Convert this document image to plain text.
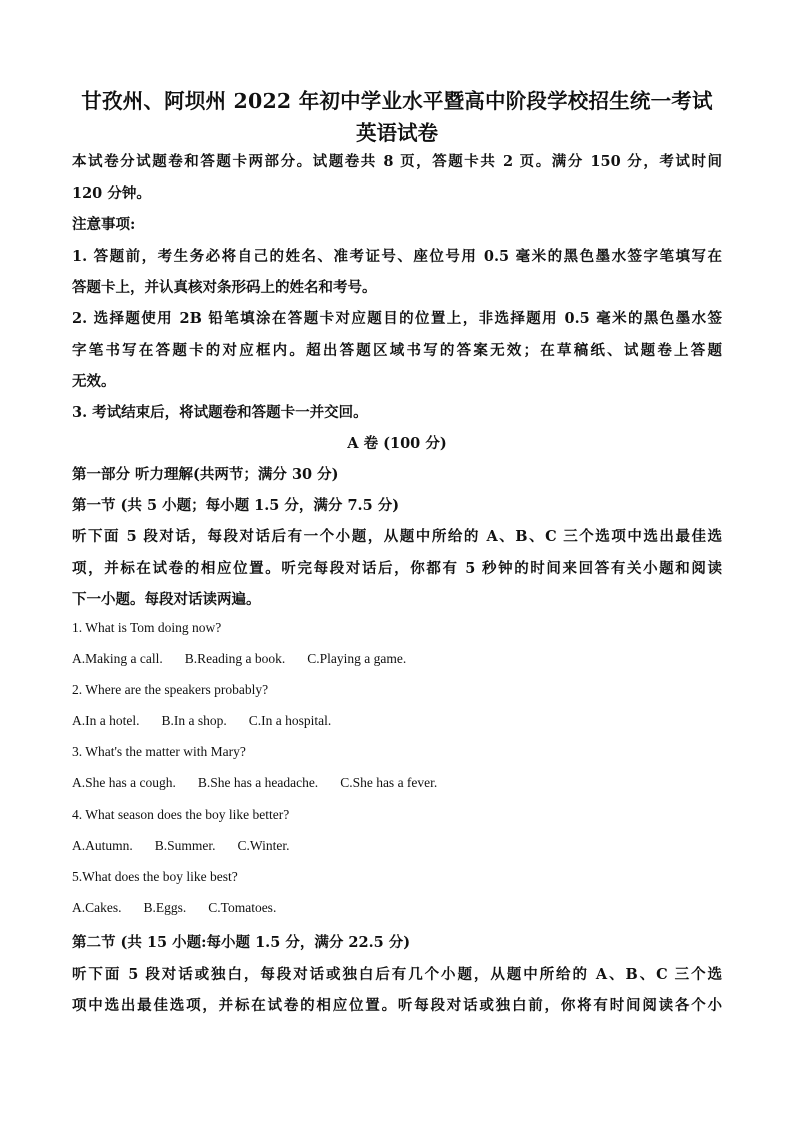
甘孜州、阿坝州 2022 年初中学业水平暨高中阶段学校招生统一考试
英语试卷
本试卷分试题卷和答题卡两部分。试题卷共 8 页，答题卡共 2 页。满分 150 分，考试时间
120 分钟。
注意事项:
1. 答题前，考生务必将自己的姓名、准考证号、座位号用 0.5 毫米的黑色墨水签字笔填写在
答题卡上，并认真核对条形码上的姓名和考号。
2. 选择题使用 2B 铅笔填涂在答题卡对应题目的位置上，非选择题用 0.5 毫米的黑色墨水签
字笔书写在答题卡的对应框内。超出答题区域书写的答案无效；在草稿纸、试题卷上答题
无效。
3. 考试结束后，将试题卷和答题卡一并交回。
A 卷 (100 分)
第一部分 听力理解(共两节；满分 30 分)
第一节 (共 5 小题；每小题 1.5 分，满分 7.5 分)
听下面 5 段对话，每段对话后有一个小题，从题中所给的 A、B、C 三个选项中选出最佳选
项，并标在试卷的相应位置。听完每段对话后，你都有 5 秒钟的时间来回答有关小题和阅读
下一小题。每段对话读两遍。
1. What is Tom doing now?
A.Making a call. B.Reading a book. C.Playing a game.
2. Where are the speakers probably?
A.In a hotel. B.In a shop. C.In a hospital.
3. What's the matter with Mary?
A.She has a cough. B.She has a headache. C.She has a fever.
4. What season does the boy like better?
A.Autumn. B.Summer. C.Winter.
5.What does the boy like best?
A.Cakes. B.Eggs. C.Tomatoes.
第二节 (共 15 小题:每小题 1.5 分，满分 22.5 分)
听下面 5 段对话或独白，每段对话或独白后有几个小题，从题中所给的 A、B、C 三个选
项中选出最佳选项，并标在试卷的相应位置。听每段对话或独白前，你将有时间阅读各个小
